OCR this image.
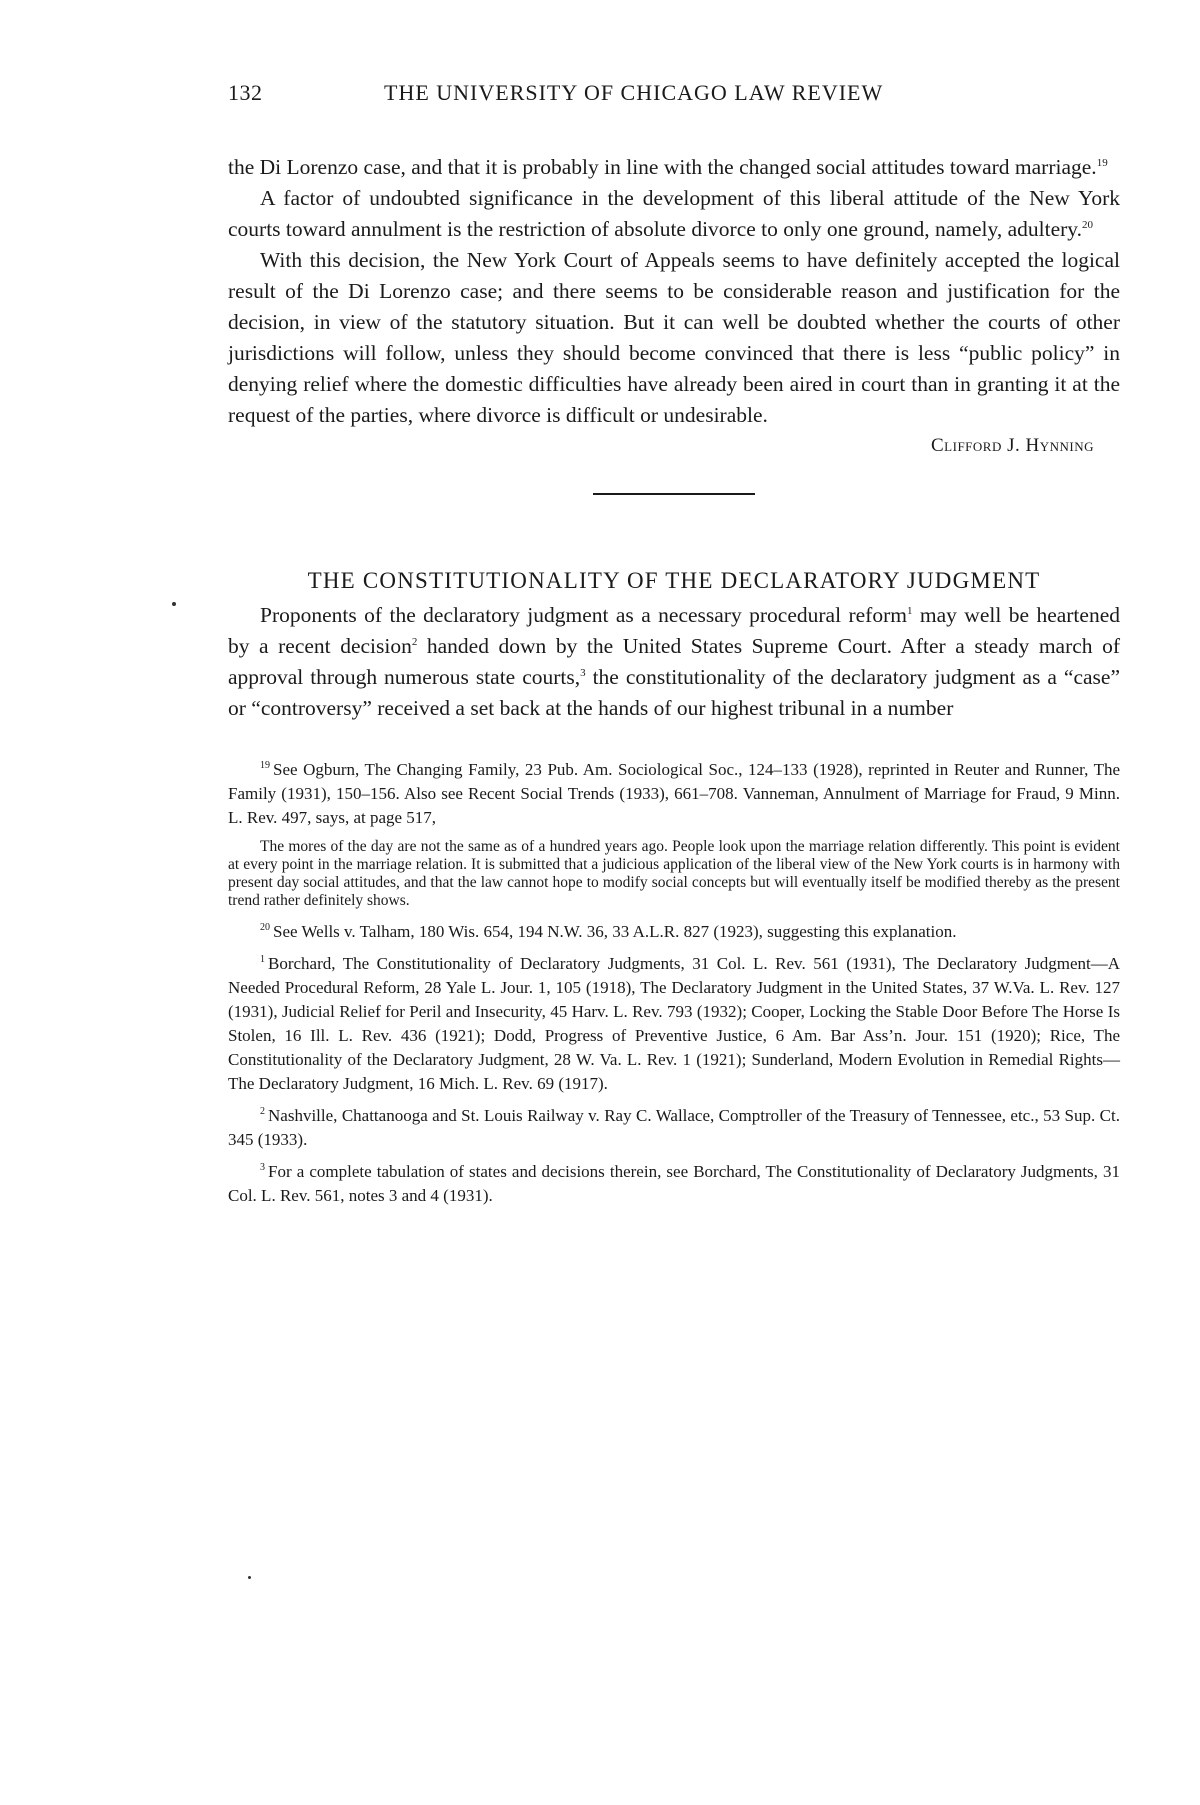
132	THE UNIVERSITY OF CHICAGO LAW REVIEW

the Di Lorenzo case, and that it is probably in line with the changed social attitudes toward marriage.$^{19}$

A factor of undoubted significance in the development of this liberal attitude of the New York courts toward annulment is the restriction of absolute divorce to only one ground, namely, adultery.$^{20}$

With this decision, the New York Court of Appeals seems to have definitely accepted the logical result of the Di Lorenzo case; and there seems to be considerable reason and justification for the decision, in view of the statutory situation. But it can well be doubted whether the courts of other jurisdictions will follow, unless they should become convinced that there is less “public policy” in denying relief where the domestic difficulties have already been aired in court than in granting it at the request of the parties, where divorce is difficult or undesirable.

Clifford J. Hynning
THE CONSTITUTIONALITY OF THE DECLARATORY JUDGMENT

Proponents of the declaratory judgment as a necessary procedural reform$^1$ may well be heartened by a recent decision$^2$ handed down by the United States Supreme Court. After a steady march of approval through numerous state courts,$^3$ the constitutionality of the declaratory judgment as a “case” or “controversy” received a set back at the hands of our highest tribunal in a number

$^{19}$ See Ogburn, The Changing Family, 23 Pub. Am. Sociological Soc., 124–133 (1928), reprinted in Reuter and Runner, The Family (1931), 150–156. Also see Recent Social Trends (1933), 661–708. Vanneman, Annulment of Marriage for Fraud, 9 Minn. L. Rev. 497, says, at page 517,

The mores of the day are not the same as of a hundred years ago. People look upon the marriage relation differently. This point is evident at every point in the marriage relation. It is submitted that a judicious application of the liberal view of the New York courts is in harmony with present day social attitudes, and that the law cannot hope to modify social concepts but will eventually itself be modified thereby as the present trend rather definitely shows.

$^{20}$ See Wells v. Talham, 180 Wis. 654, 194 N.W. 36, 33 A.L.R. 827 (1923), suggesting this explanation.

$^1$ Borchard, The Constitutionality of Declaratory Judgments, 31 Col. L. Rev. 561 (1931), The Declaratory Judgment—A Needed Procedural Reform, 28 Yale L. Jour. 1, 105 (1918), The Declaratory Judgment in the United States, 37 W.Va. L. Rev. 127 (1931), Judicial Relief for Peril and Insecurity, 45 Harv. L. Rev. 793 (1932); Cooper, Locking the Stable Door Before The Horse Is Stolen, 16 Ill. L. Rev. 436 (1921); Dodd, Progress of Preventive Justice, 6 Am. Bar Ass’n. Jour. 151 (1920); Rice, The Constitutionality of the Declaratory Judgment, 28 W. Va. L. Rev. 1 (1921); Sunderland, Modern Evolution in Remedial Rights—The Declaratory Judgment, 16 Mich. L. Rev. 69 (1917).

$^2$ Nashville, Chattanooga and St. Louis Railway v. Ray C. Wallace, Comptroller of the Treasury of Tennessee, etc., 53 Sup. Ct. 345 (1933).

$^3$ For a complete tabulation of states and decisions therein, see Borchard, The Constitutionality of Declaratory Judgments, 31 Col. L. Rev. 561, notes 3 and 4 (1931).
